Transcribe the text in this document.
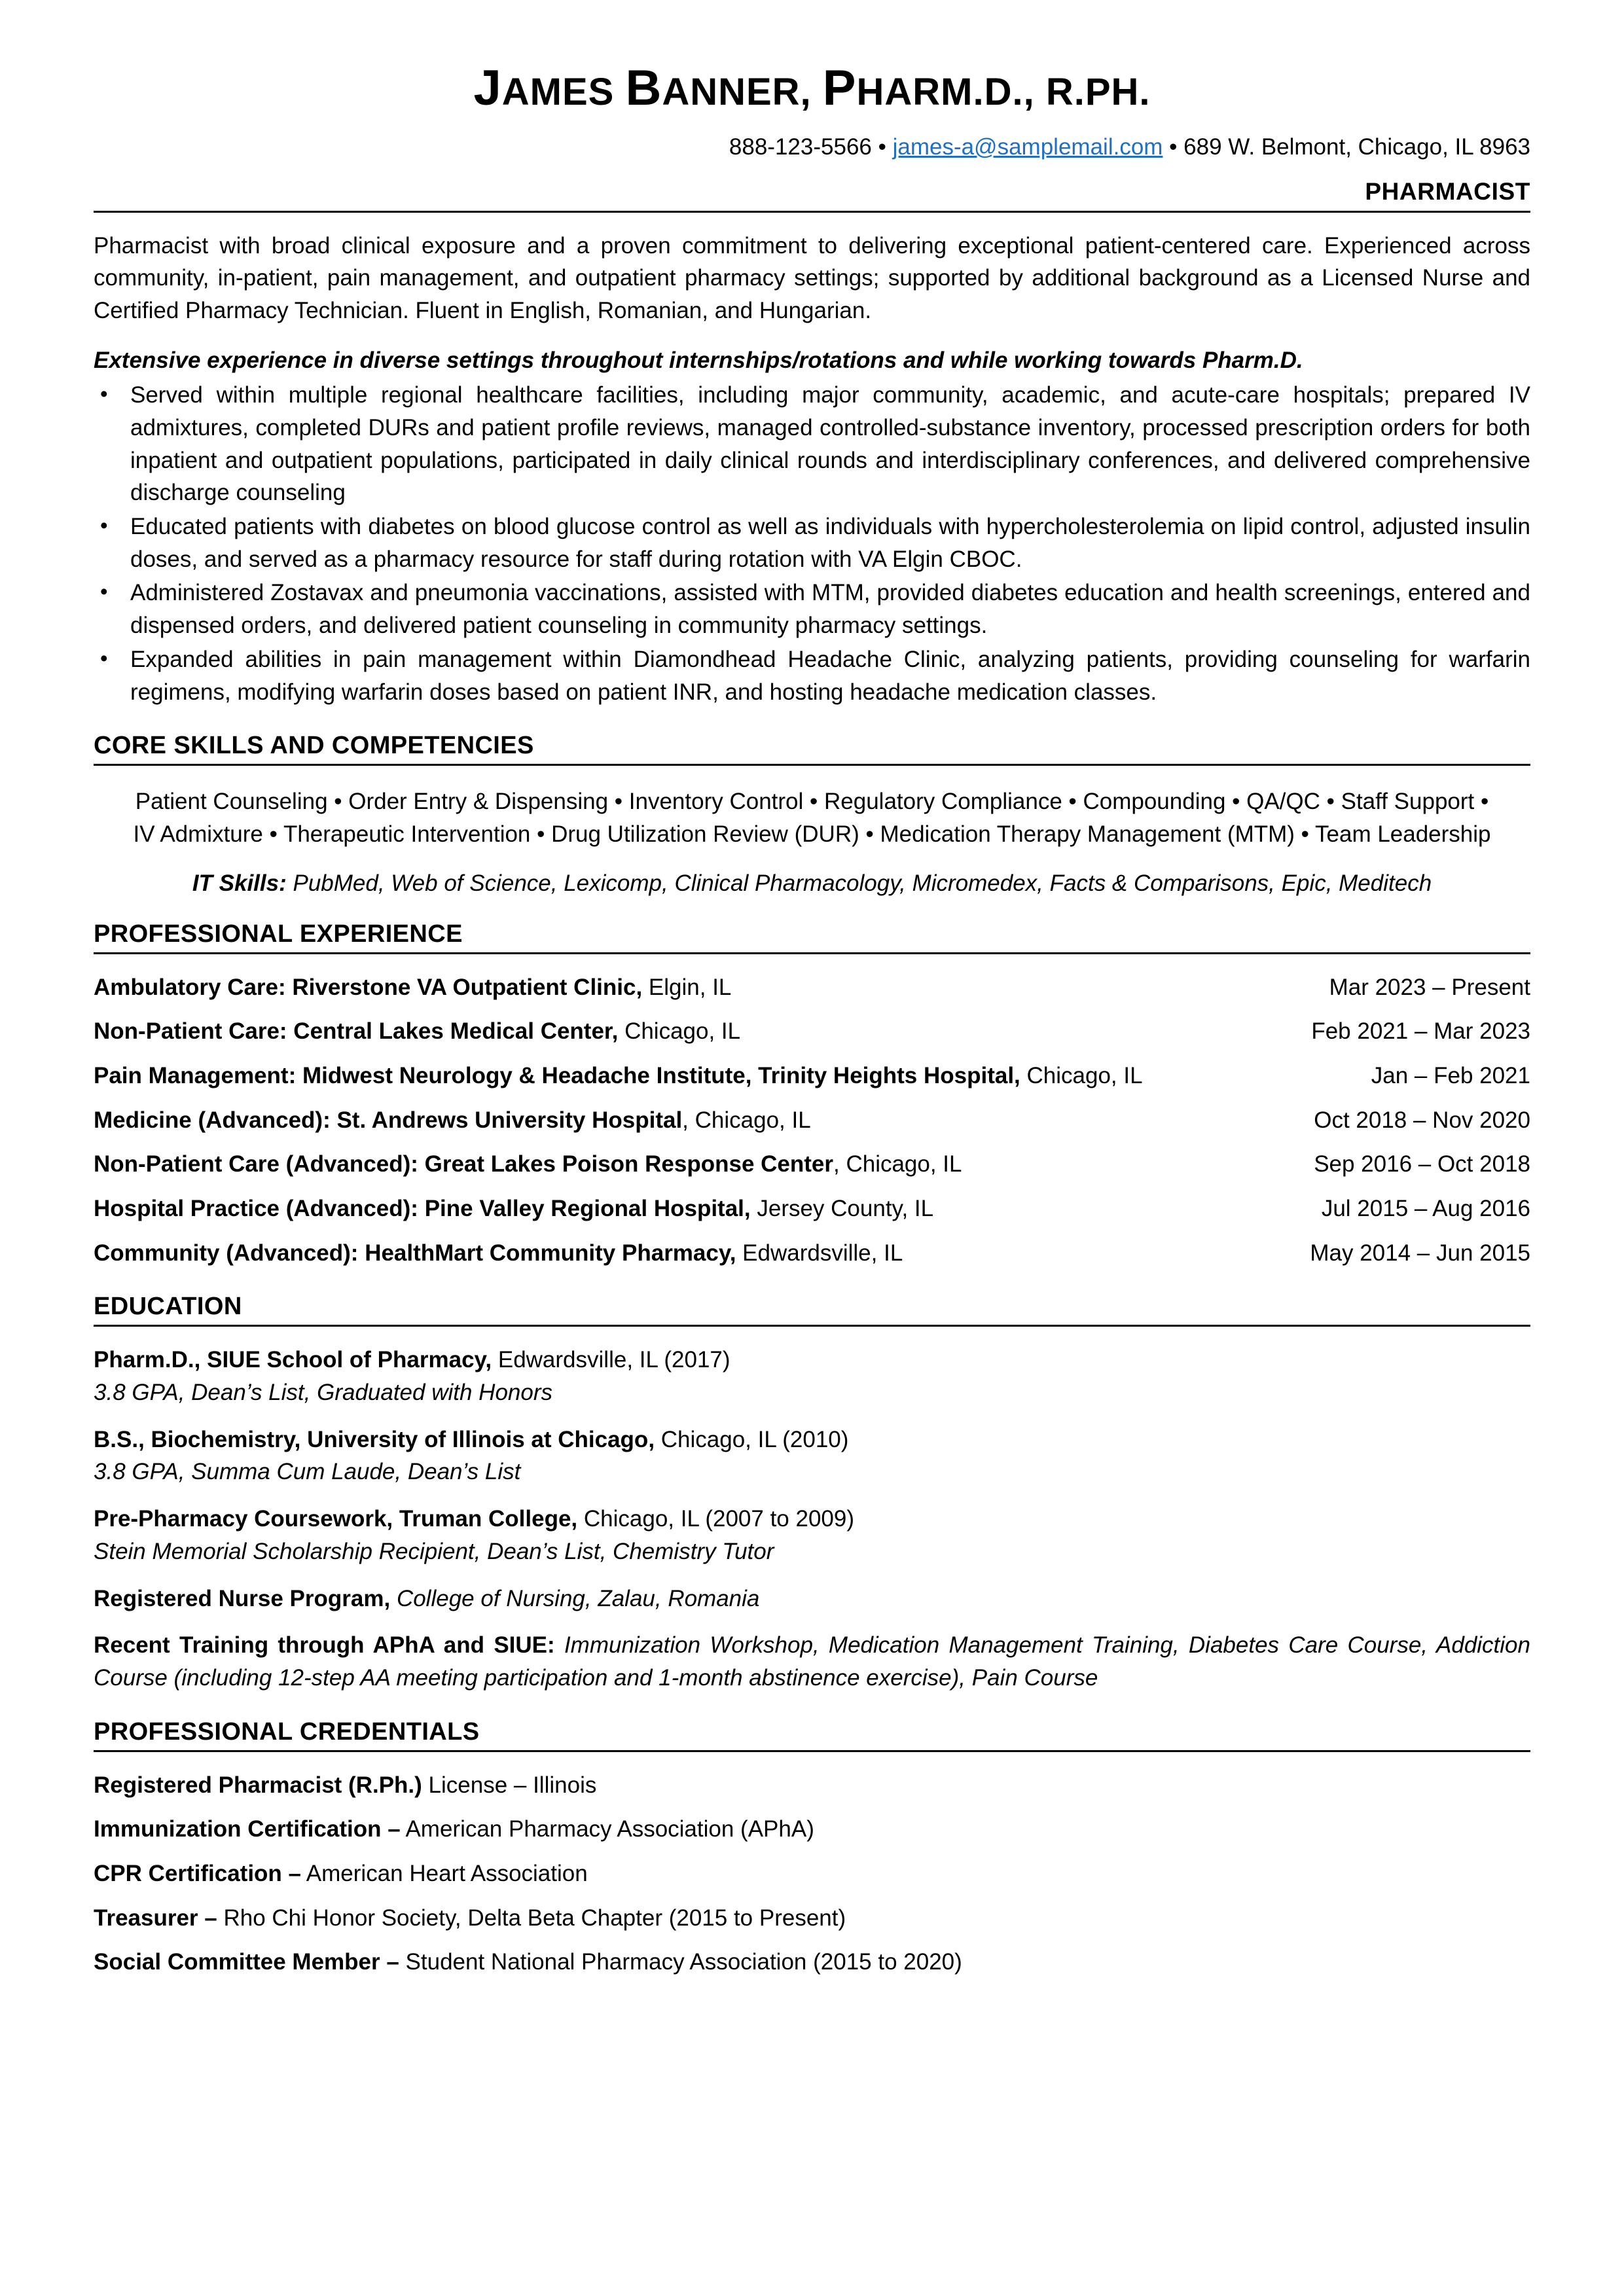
JAMES BANNER, PHARM.D., R.PH.
888-123-5566 • james-a@samplemail.com • 689 W. Belmont, Chicago, IL 8963
PHARMACIST

Pharmacist with broad clinical exposure and a proven commitment to delivering exceptional patient-centered care. Experienced across community, in-patient, pain management, and outpatient pharmacy settings; supported by additional background as a Licensed Nurse and Certified Pharmacy Technician. Fluent in English, Romanian, and Hungarian.

Extensive experience in diverse settings throughout internships/rotations and while working towards Pharm.D.

• Served within multiple regional healthcare facilities, including major community, academic, and acute-care hospitals; prepared IV admixtures, completed DURs and patient profile reviews, managed controlled-substance inventory, processed prescription orders for both inpatient and outpatient populations, participated in daily clinical rounds and interdisciplinary conferences, and delivered comprehensive discharge counseling
• Educated patients with diabetes on blood glucose control as well as individuals with hypercholesterolemia on lipid control, adjusted insulin doses, and served as a pharmacy resource for staff during rotation with VA Elgin CBOC.
• Administered Zostavax and pneumonia vaccinations, assisted with MTM, provided diabetes education and health screenings, entered and dispensed orders, and delivered patient counseling in community pharmacy settings.
• Expanded abilities in pain management within Diamondhead Headache Clinic, analyzing patients, providing counseling for warfarin regimens, modifying warfarin doses based on patient INR, and hosting headache medication classes.
CORE SKILLS AND COMPETENCIES

Patient Counseling • Order Entry & Dispensing • Inventory Control • Regulatory Compliance • Compounding • QA/QC • Staff Support • IV Admixture • Therapeutic Intervention • Drug Utilization Review (DUR) • Medication Therapy Management (MTM) • Team Leadership

IT Skills: PubMed, Web of Science, Lexicomp, Clinical Pharmacology, Micromedex, Facts & Comparisons, Epic, Meditech

PROFESSIONAL EXPERIENCE
Ambulatory Care: Riverstone VA Outpatient Clinic, Elgin, IL	Mar 2023 – Present
Non-Patient Care: Central Lakes Medical Center, Chicago, IL	Feb 2021 – Mar 2023
Pain Management: Midwest Neurology & Headache Institute, Trinity Heights Hospital, Chicago, IL	Jan – Feb 2021
Medicine (Advanced): St. Andrews University Hospital, Chicago, IL	Oct 2018 – Nov 2020
Non-Patient Care (Advanced): Great Lakes Poison Response Center, Chicago, IL	Sep 2016 – Oct 2018
Hospital Practice (Advanced): Pine Valley Regional Hospital, Jersey County, IL	Jul 2015 – Aug 2016
Community (Advanced): HealthMart Community Pharmacy, Edwardsville, IL	May 2014 – Jun 2015
EDUCATION
Pharm.D., SIUE School of Pharmacy, Edwardsville, IL (2017)
3.8 GPA, Dean’s List, Graduated with Honors
B.S., Biochemistry, University of Illinois at Chicago, Chicago, IL (2010)
3.8 GPA, Summa Cum Laude, Dean’s List
Pre-Pharmacy Coursework, Truman College, Chicago, IL (2007 to 2009)
Stein Memorial Scholarship Recipient, Dean’s List, Chemistry Tutor
Registered Nurse Program, College of Nursing, Zalau, Romania
Recent Training through APhA and SIUE: Immunization Workshop, Medication Management Training, Diabetes Care Course, Addiction Course (including 12-step AA meeting participation and 1-month abstinence exercise), Pain Course
PROFESSIONAL CREDENTIALS
Registered Pharmacist (R.Ph.) License – Illinois
Immunization Certification – American Pharmacy Association (APhA)
CPR Certification – American Heart Association
Treasurer – Rho Chi Honor Society, Delta Beta Chapter (2015 to Present)
Social Committee Member – Student National Pharmacy Association (2015 to 2020)
